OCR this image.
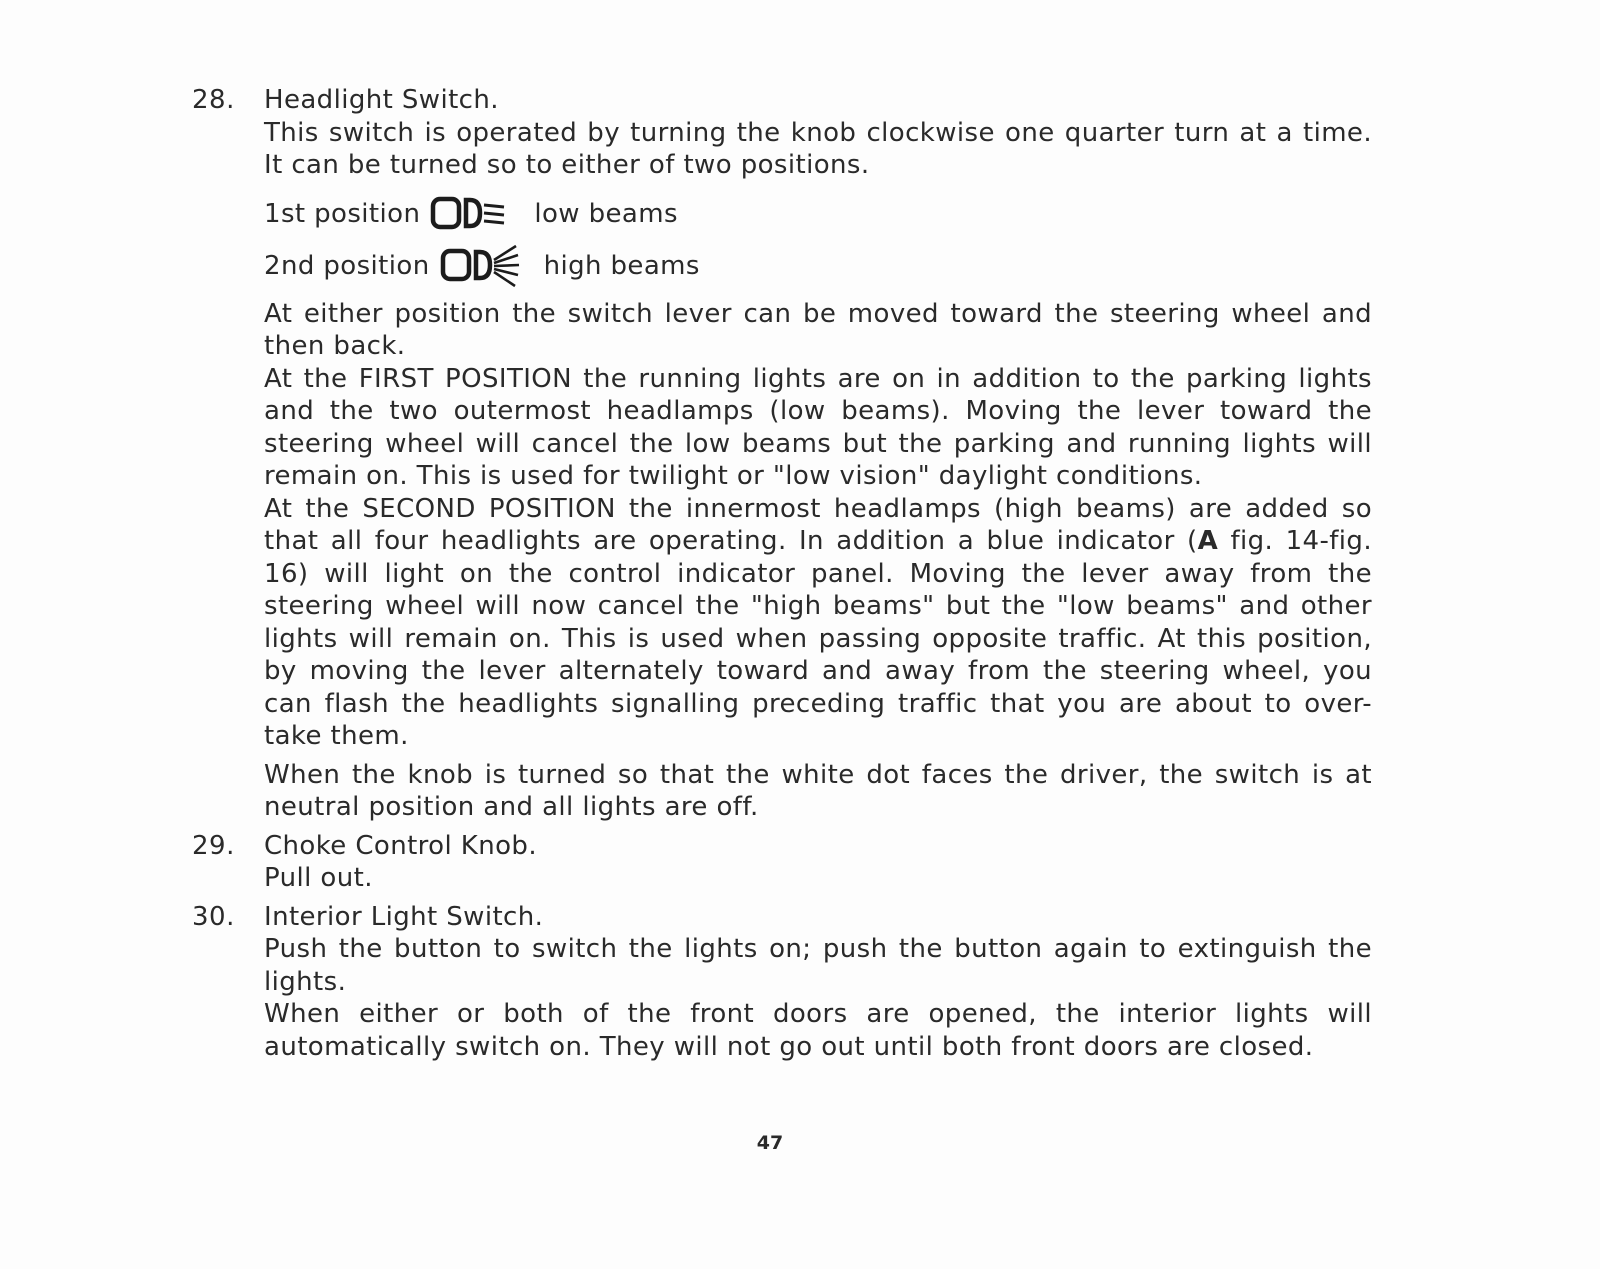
28.	Headlight Switch.

This switch is operated by turning the knob clockwise one quarter turn at a time. It can be turned so to either of two positions.

1st position	low beams
2nd position	high beams

At either position the switch lever can be moved toward the steering wheel and then back.

At the FIRST POSITION the running lights are on in addition to the parking lights and the two outermost headlamps (low beams). Moving the lever toward the steering wheel will cancel the low beams but the parking and running lights will remain on. This is used for twilight or "low vision" daylight conditions.

At the SECOND POSITION the innermost headlamps (high beams) are added so that all four headlights are operating. In addition a blue indicator (A fig. 14-fig. 16) will light on the control indicator panel. Moving the lever away from the steering wheel will now cancel the "high beams" but the "low beams" and other lights will remain on. This is used when passing opposite traffic. At this position, by moving the lever alternately toward and away from the steering wheel, you can flash the headlights signalling preceding traffic that you are about to over-take them.

When the knob is turned so that the white dot faces the driver, the switch is at neutral position and all lights are off.

29.	Choke Control Knob.

Pull out.

30.	Interior Light Switch.

Push the button to switch the lights on; push the button again to extinguish the lights.

When either or both of the front doors are opened, the interior lights will automatically switch on. They will not go out until both front doors are closed.

47
